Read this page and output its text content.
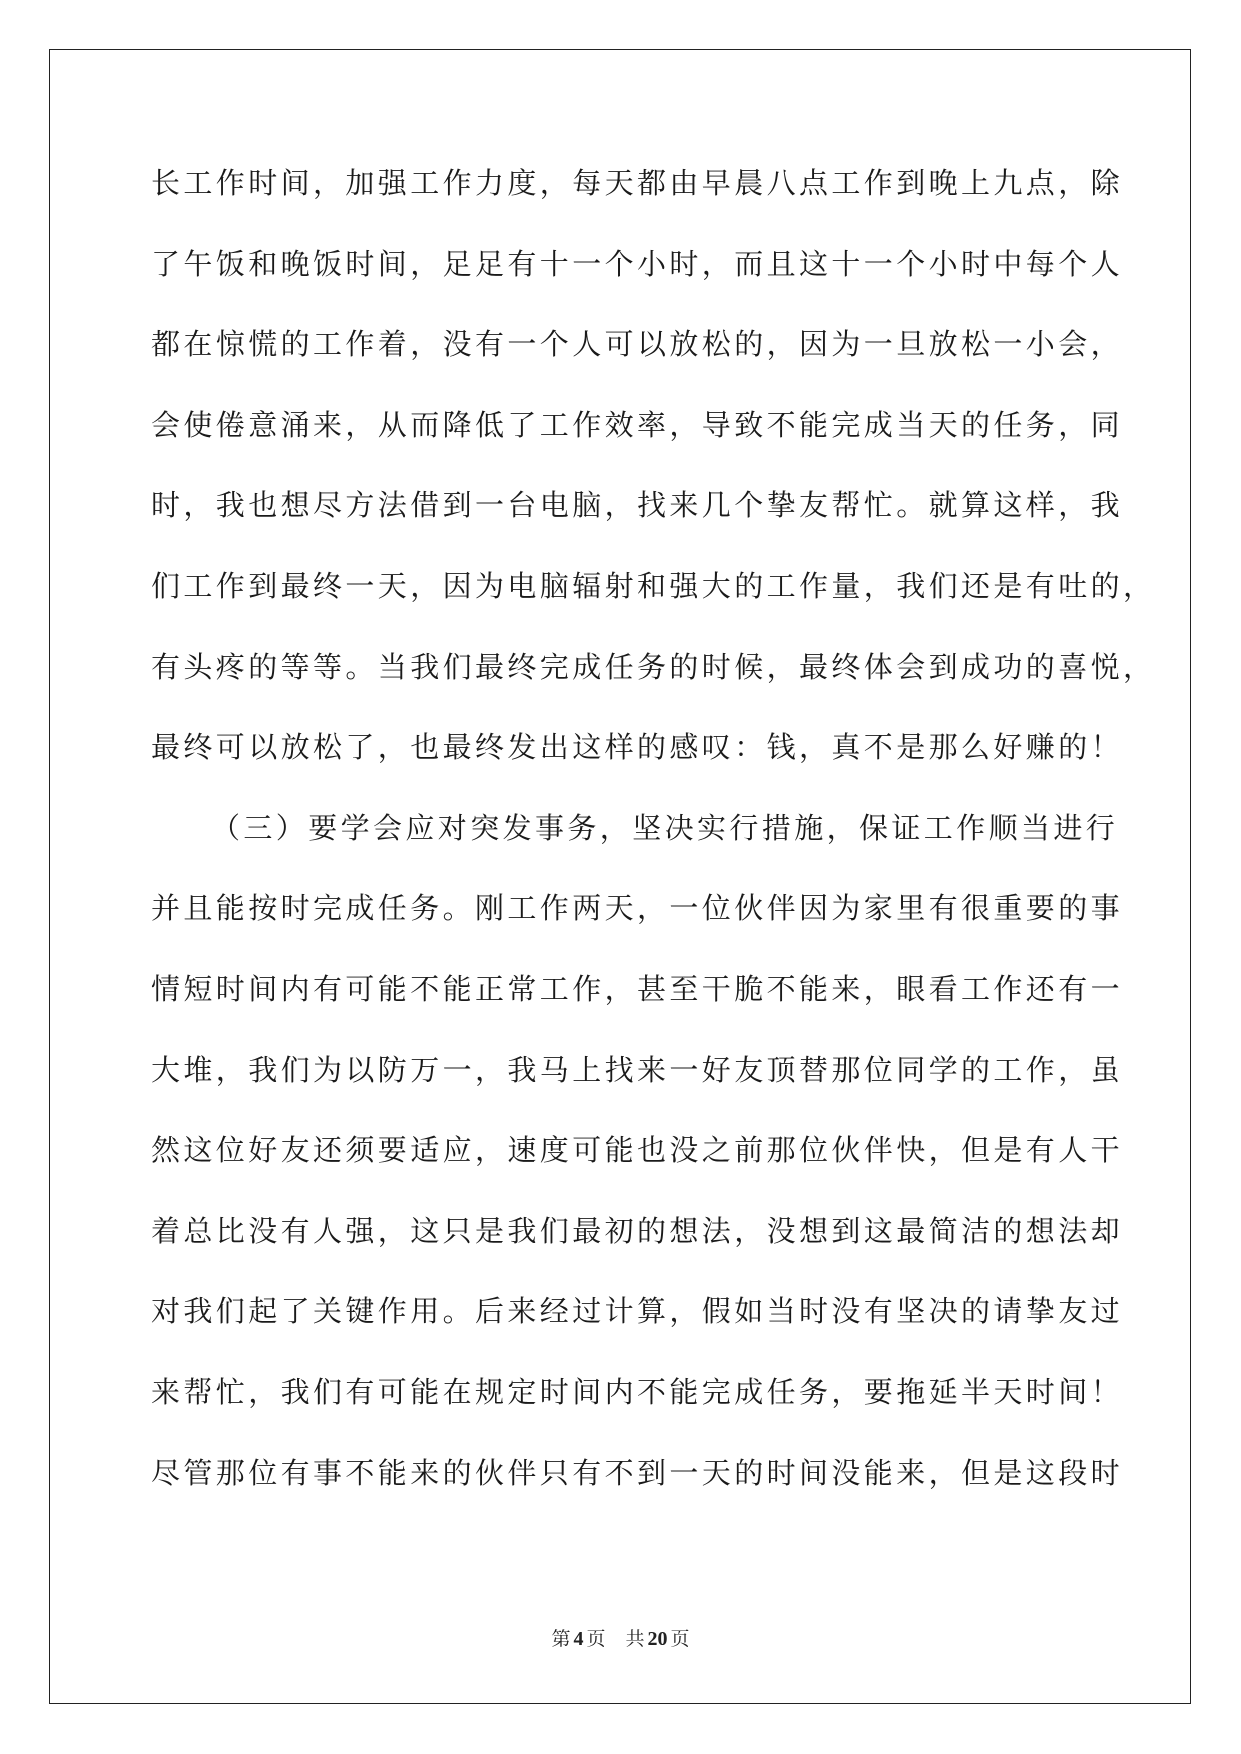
长工作时间，加强工作力度，每天都由早晨八点工作到晚上九点，除
了午饭和晚饭时间，足足有十一个小时，而且这十一个小时中每个人
都在惊慌的工作着，没有一个人可以放松的，因为一旦放松一小会，
会使倦意涌来，从而降低了工作效率，导致不能完成当天的任务，同
时，我也想尽方法借到一台电脑，找来几个挚友帮忙。就算这样，我
们工作到最终一天，因为电脑辐射和强大的工作量，我们还是有吐的，
有头疼的等等。当我们最终完成任务的时候，最终体会到成功的喜悦，
最终可以放松了，也最终发出这样的感叹：钱，真不是那么好赚的！
（三）要学会应对突发事务，坚决实行措施，保证工作顺当进行
并且能按时完成任务。刚工作两天，一位伙伴因为家里有很重要的事
情短时间内有可能不能正常工作，甚至干脆不能来，眼看工作还有一
大堆，我们为以防万一，我马上找来一好友顶替那位同学的工作，虽
然这位好友还须要适应，速度可能也没之前那位伙伴快，但是有人干
着总比没有人强，这只是我们最初的想法，没想到这最简洁的想法却
对我们起了关键作用。后来经过计算，假如当时没有坚决的请挚友过
来帮忙，我们有可能在规定时间内不能完成任务，要拖延半天时间！
尽管那位有事不能来的伙伴只有不到一天的时间没能来，但是这段时
第 4 页 共 20 页
